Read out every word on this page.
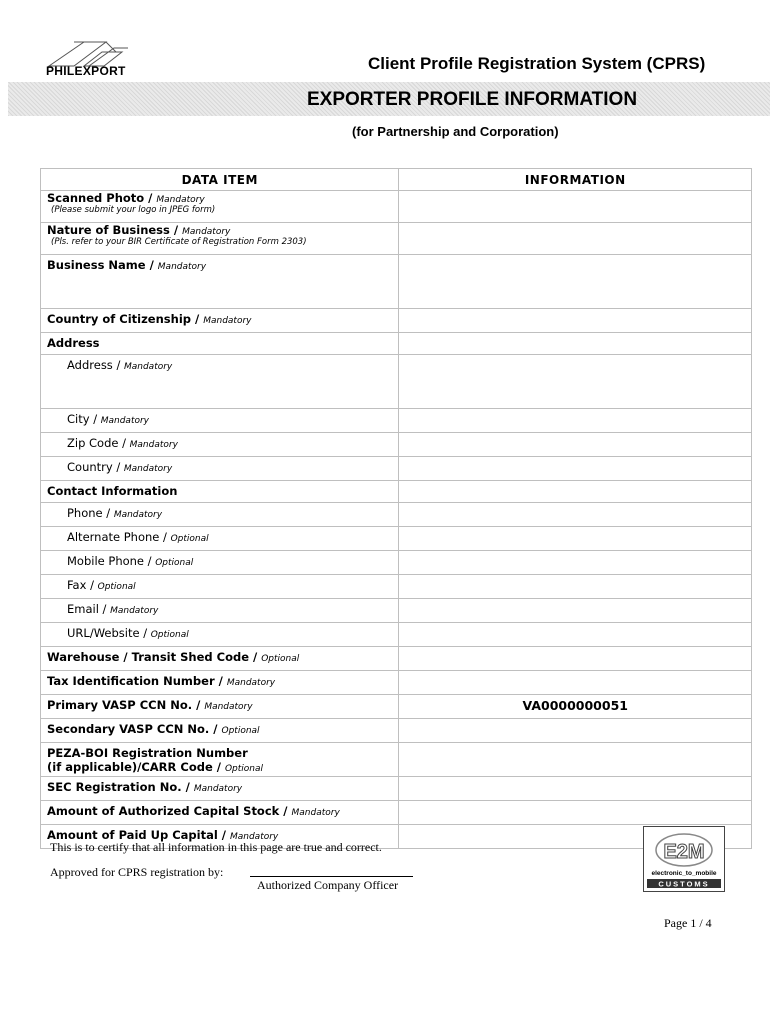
PHILEXPORT	Client Profile Registration System (CPRS)
EXPORTER PROFILE INFORMATION
(for Partnership and Corporation)
DATA ITEM	INFORMATION
Scanned Photo / Mandatory
(Please submit your logo in JPEG form)	

Nature of Business / Mandatory
(Pls. refer to your BIR Certificate of Registration Form 2303)	

Business Name / Mandatory	
Country of Citizenship / Mandatory	
Address	
Address / Mandatory	
City / Mandatory	
Zip Code / Mandatory	
Country / Mandatory	
Contact Information	
Phone / Mandatory	
Alternate Phone / Optional	
Mobile Phone / Optional	
Fax / Optional	
Email / Mandatory	
URL/Website / Optional	
Warehouse / Transit Shed Code / Optional	
Tax Identification Number / Mandatory	
Primary VASP CCN No. / Mandatory	VA0000000051
Secondary VASP CCN No. / Optional	
PEZA-BOI Registration Number
(if applicable)/CARR Code / Optional	
SEC Registration No. / Mandatory	
Amount of Authorized Capital Stock / Mandatory	
Amount of Paid Up Capital / Mandatory	
This is to certify that all information in this page are true and correct.
Approved for CPRS registration by:
Authorized Company Officer
E2M
electronic_to_mobile
CUSTOMS
Page 1 / 4
